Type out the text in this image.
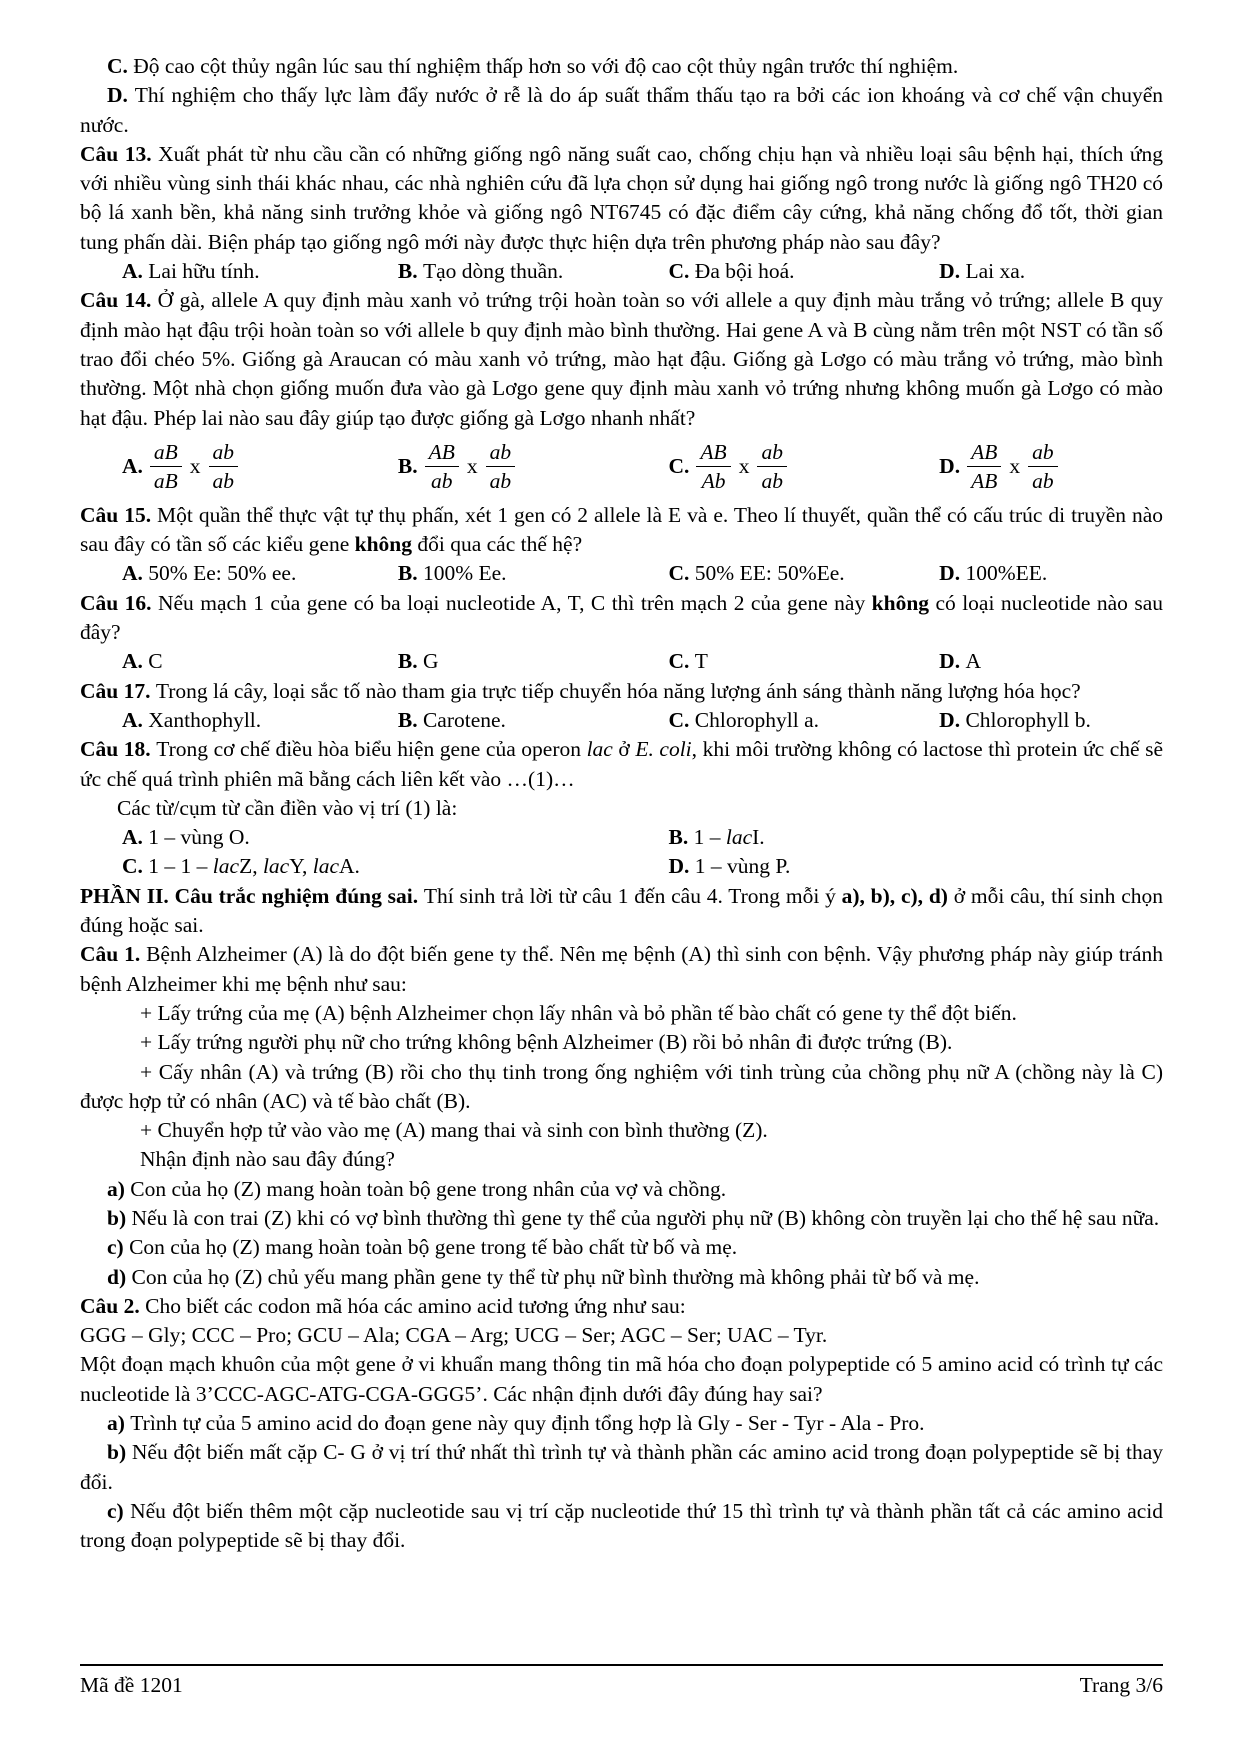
C. Độ cao cột thủy ngân lúc sau thí nghiệm thấp hơn so với độ cao cột thủy ngân trước thí nghiệm.

D. Thí nghiệm cho thấy lực làm đẩy nước ở rễ là do áp suất thẩm thấu tạo ra bởi các ion khoáng và cơ chế vận chuyển nước.

Câu 13. Xuất phát từ nhu cầu cần có những giống ngô năng suất cao, chống chịu hạn và nhiều loại sâu bệnh hại, thích ứng với nhiều vùng sinh thái khác nhau, các nhà nghiên cứu đã lựa chọn sử dụng hai giống ngô trong nước là giống ngô TH20 có bộ lá xanh bền, khả năng sinh trưởng khỏe và giống ngô NT6745 có đặc điểm cây cứng, khả năng chống đổ tốt, thời gian tung phấn dài. Biện pháp tạo giống ngô mới này được thực hiện dựa trên phương pháp nào sau đây?

A. Lai hữu tính.	B. Tạo dòng thuần.	C. Đa bội hoá.	D. Lai xa.

Câu 14. Ở gà, allele A quy định màu xanh vỏ trứng trội hoàn toàn so với allele a quy định màu trắng vỏ trứng; allele B quy định mào hạt đậu trội hoàn toàn so với allele b quy định mào bình thường. Hai gene A và B cùng nằm trên một NST có tần số trao đổi chéo 5%. Giống gà Araucan có màu xanh vỏ trứng, mào hạt đậu. Giống gà Lơgo có màu trắng vỏ trứng, mào bình thường. Một nhà chọn giống muốn đưa vào gà Lơgo gene quy định màu xanh vỏ trứng nhưng không muốn gà Lơgo có mào hạt đậu. Phép lai nào sau đây giúp tạo được giống gà Lơgo nhanh nhất?

A. $\frac{aB}{aB}$ x $\frac{ab}{ab}$	B. $\frac{AB}{ab}$ x $\frac{ab}{ab}$	C. $\frac{AB}{Ab}$ x $\frac{ab}{ab}$	D. $\frac{AB}{AB}$ x $\frac{ab}{ab}$

Câu 15. Một quần thể thực vật tự thụ phấn, xét 1 gen có 2 allele là E và e. Theo lí thuyết, quần thể có cấu trúc di truyền nào sau đây có tần số các kiểu gene không đổi qua các thế hệ?

A. 50% Ee: 50% ee.	B. 100% Ee.	C. 50% EE: 50%Ee.	D. 100%EE.

Câu 16. Nếu mạch 1 của gene có ba loại nucleotide A, T, C thì trên mạch 2 của gene này không có loại nucleotide nào sau đây?

A. C	B. G	C. T	D. A

Câu 17. Trong lá cây, loại sắc tố nào tham gia trực tiếp chuyển hóa năng lượng ánh sáng thành năng lượng hóa học?

A. Xanthophyll.	B. Carotene.	C. Chlorophyll a.	D. Chlorophyll b.

Câu 18. Trong cơ chế điều hòa biểu hiện gene của operon lac ở E. coli, khi môi trường không có lactose thì protein ức chế sẽ ức chế quá trình phiên mã bằng cách liên kết vào …(1)…

Các từ/cụm từ cần điền vào vị trí (1) là:

A. 1 – vùng O.	B. 1 – lacI.
C. 1 – 1 – lacZ, lacY, lacA.	D. 1 – vùng P.

PHẦN II. Câu trắc nghiệm đúng sai. Thí sinh trả lời từ câu 1 đến câu 4. Trong mỗi ý a), b), c), d) ở mỗi câu, thí sinh chọn đúng hoặc sai.

Câu 1. Bệnh Alzheimer (A) là do đột biến gene ty thể. Nên mẹ bệnh (A) thì sinh con bệnh. Vậy phương pháp này giúp tránh bệnh Alzheimer khi mẹ bệnh như sau:

+ Lấy trứng của mẹ (A) bệnh Alzheimer chọn lấy nhân và bỏ phần tế bào chất có gene ty thể đột biến.

+ Lấy trứng người phụ nữ cho trứng không bệnh Alzheimer (B) rồi bỏ nhân đi được trứng (B).

+ Cấy nhân (A) và trứng (B) rồi cho thụ tinh trong ống nghiệm với tinh trùng của chồng phụ nữ A (chồng này là C) được hợp tử có nhân (AC) và tế bào chất (B).

+ Chuyển hợp tử vào vào mẹ (A) mang thai và sinh con bình thường (Z).

Nhận định nào sau đây đúng?

a) Con của họ (Z) mang hoàn toàn bộ gene trong nhân của vợ và chồng.

b) Nếu là con trai (Z) khi có vợ bình thường thì gene ty thể của người phụ nữ (B) không còn truyền lại cho thế hệ sau nữa.

c) Con của họ (Z) mang hoàn toàn bộ gene trong tế bào chất từ bố và mẹ.

d) Con của họ (Z) chủ yếu mang phần gene ty thể từ phụ nữ bình thường mà không phải từ bố và mẹ.

Câu 2. Cho biết các codon mã hóa các amino acid tương ứng như sau:

GGG – Gly; CCC – Pro; GCU – Ala; CGA – Arg; UCG – Ser; AGC – Ser; UAC – Tyr.

Một đoạn mạch khuôn của một gene ở vi khuẩn mang thông tin mã hóa cho đoạn polypeptide có 5 amino acid có trình tự các nucleotide là 3’CCC-AGC-ATG-CGA-GGG5’. Các nhận định dưới đây đúng hay sai?

a) Trình tự của 5 amino acid do đoạn gene này quy định tổng hợp là Gly - Ser - Tyr - Ala - Pro.

b) Nếu đột biến mất cặp C- G ở vị trí thứ nhất thì trình tự và thành phần các amino acid trong đoạn polypeptide sẽ bị thay đổi.

c) Nếu đột biến thêm một cặp nucleotide sau vị trí cặp nucleotide thứ 15 thì trình tự và thành phần tất cả các amino acid trong đoạn polypeptide sẽ bị thay đổi.

Mã đề 1201	Trang 3/6
